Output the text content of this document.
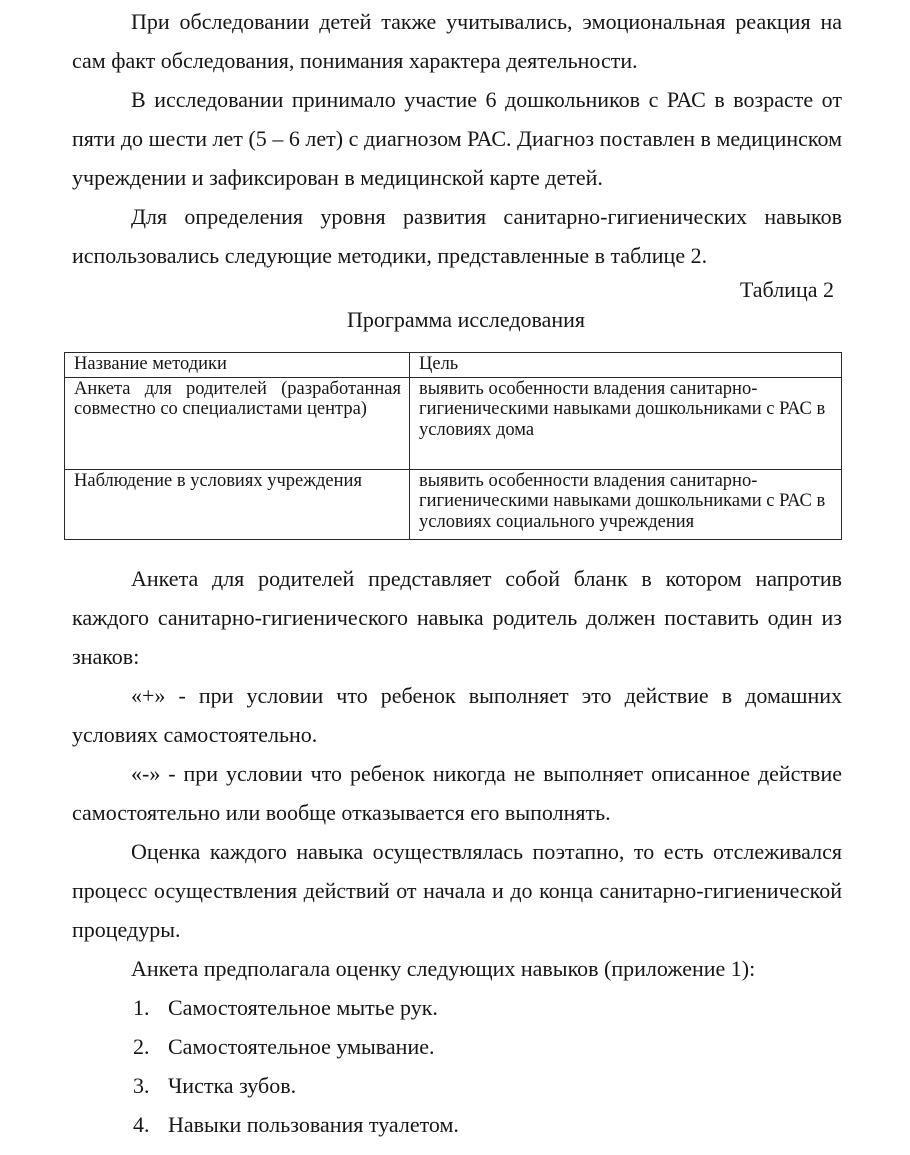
При обследовании детей также учитывались, эмоциональная реакция на сам факт обследования, понимания характера деятельности.

В исследовании принимало участие 6 дошкольников с РАС в возрасте от пяти до шести лет (5 – 6 лет) с диагнозом РАС. Диагноз поставлен в медицинском учреждении и зафиксирован в медицинской карте детей.

Для определения уровня развития санитарно-гигиенических навыков использовались следующие методики, представленные в таблице 2.

Таблица 2
Программа исследования
Название методики	Цель
Анкета для родителей (разработанная совместно со специалистами центра)	выявить особенности владения санитарно-гигиеническими навыками дошкольниками с РАС в условиях дома
Наблюдение в условиях учреждения	выявить особенности владения санитарно-гигиеническими навыками дошкольниками с РАС в условиях социального учреждения

Анкета для родителей представляет собой бланк в котором напротив каждого санитарно-гигиенического навыка родитель должен поставить один из знаков:

«+» - при условии что ребенок выполняет это действие в домашних условиях самостоятельно.

«-» - при условии что ребенок никогда не выполняет описанное действие самостоятельно или вообще отказывается его выполнять.

Оценка каждого навыка осуществлялась поэтапно, то есть отслеживался процесс осуществления действий от начала и до конца санитарно-гигиенической процедуры.

Анкета предполагала оценку следующих навыков (приложение 1):

1. Самостоятельное мытье рук.
2. Самостоятельное умывание.
3. Чистка зубов.
4. Навыки пользования туалетом.
